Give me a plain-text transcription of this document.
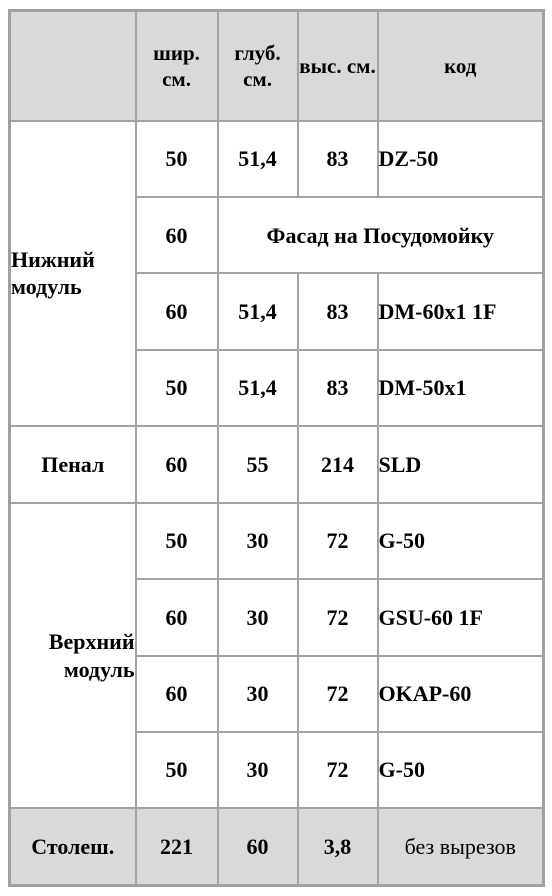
	шир. см.	глуб. см.	выс. см.	код
Нижний модуль	50	51,4	83	DZ-50
	60	Фасад на Посудомойку		
	60	51,4	83	DM-60x1 1F
	50	51,4	83	DM-50x1
Пенал	60	55	214	SLD
Верхний модуль	50	30	72	G-50
	60	30	72	GSU-60 1F
	60	30	72	OKAP-60
	50	30	72	G-50
Столеш.	221	60	3,8	без вырезов
